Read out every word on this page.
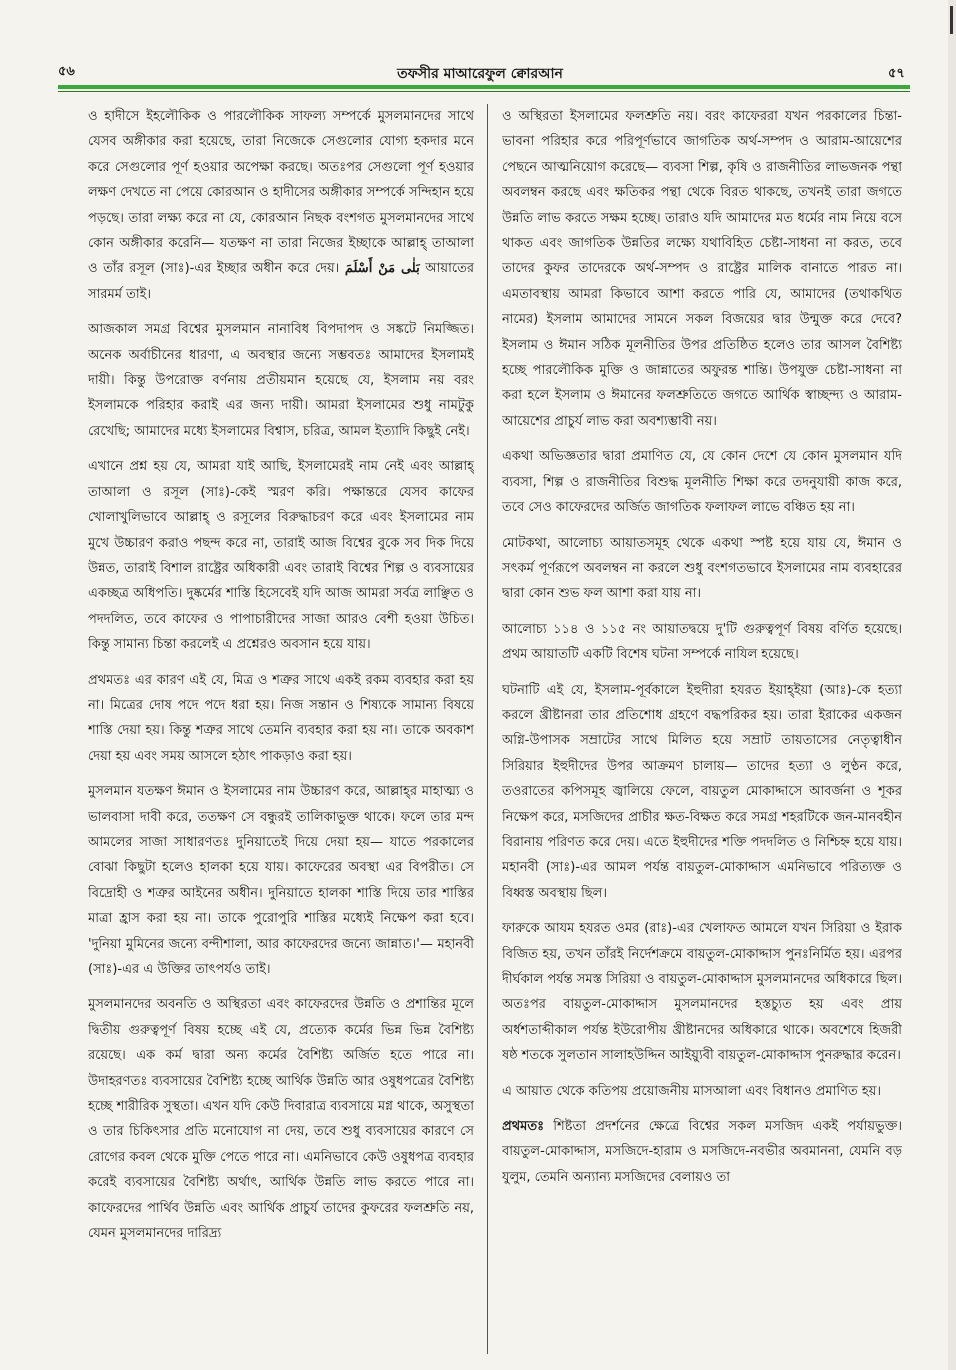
৫৬	তফসীর মাআরেফুল ক্বোরআন	৫৭

ও হাদীসে ইহলৌকিক ও পারলৌকিক সাফল্য সম্পর্কে মুসলমানদের সাথে যেসব অঙ্গীকার করা হয়েছে, তারা নিজেকে সেগুলোর যোগ্য হকদার মনে করে সেগুলোর পূর্ণ হওয়ার অপেক্ষা করছে। অতঃপর সেগুলো পূর্ণ হওয়ার লক্ষণ দেখতে না পেয়ে কোরআন ও হাদীসের অঙ্গীকার সম্পর্কে সন্দিহান হয়ে পড়ছে। তারা লক্ষ্য করে না যে, কোরআন নিছক বংশগত মুসলমানদের সাথে কোন অঙ্গীকার করেনি— যতক্ষণ না তারা নিজের ইচ্ছাকে আল্লাহ্ তাআলা ও তাঁর রসূল (সাঃ)-এর ইচ্ছার অধীন করে দেয়। بَلٰى مَنْ أَسْلَمَ আয়াতের সারমর্ম তাই।

আজকাল সমগ্র বিশ্বের মুসলমান নানাবিধ বিপদাপদ ও সঙ্কটে নিমজ্জিত। অনেক অর্বাচীনের ধারণা, এ অবস্থার জন্যে সম্ভবতঃ আমাদের ইসলামই দায়ী। কিন্তু উপরোক্ত বর্ণনায় প্রতীয়মান হয়েছে যে, ইসলাম নয় বরং ইসলামকে পরিহার করাই এর জন্য দায়ী। আমরা ইসলামের শুধু নামটুকু রেখেছি; আমাদের মধ্যে ইসলামের বিশ্বাস, চরিত্র, আমল ইত্যাদি কিছুই নেই।

এখানে প্রশ্ন হয় যে, আমরা যাই আছি, ইসলামেরই নাম নেই এবং আল্লাহ্ তাআলা ও রসূল (সাঃ)-কেই স্মরণ করি। পক্ষান্তরে যেসব কাফের খোলাখুলিভাবে আল্লাহ্ ও রসূলের বিরুদ্ধাচরণ করে এবং ইসলামের নাম মুখে উচ্চারণ করাও পছন্দ করে না, তারাই আজ বিশ্বের বুকে সব দিক দিয়ে উন্নত, তারাই বিশাল রাষ্ট্রের অধিকারী এবং তারাই বিশ্বের শিল্প ও ব্যবসায়ের একচ্ছত্র অধিপতি। দুষ্কর্মের শাস্তি হিসেবেই যদি আজ আমরা সর্বত্র লাঞ্ছিত ও পদদলিত, তবে কাফের ও পাপাচারীদের সাজা আরও বেশী হওয়া উচিত। কিন্তু সামান্য চিন্তা করলেই এ প্রশ্নেরও অবসান হয়ে যায়।

প্রথমতঃ এর কারণ এই যে, মিত্র ও শত্রুর সাথে একই রকম ব্যবহার করা হয় না। মিত্রের দোষ পদে পদে ধরা হয়। নিজ সন্তান ও শিষ্যকে সামান্য বিষয়ে শাস্তি দেয়া হয়। কিন্তু শত্রুর সাথে তেমনি ব্যবহার করা হয় না। তাকে অবকাশ দেয়া হয় এবং সময় আসলে হঠাৎ পাকড়াও করা হয়।

মুসলমান যতক্ষণ ঈমান ও ইসলামের নাম উচ্চারণ করে, আল্লাহ্‌র মাহাত্ম্য ও ভালবাসা দাবী করে, ততক্ষণ সে বন্ধুরই তালিকাভুক্ত থাকে। ফলে তার মন্দ আমলের সাজা সাধারণতঃ দুনিয়াতেই দিয়ে দেয়া হয়— যাতে পরকালের বোঝা কিছুটা হলেও হালকা হয়ে যায়। কাফেরের অবস্থা এর বিপরীত। সে বিদ্রোহী ও শত্রুর আইনের অধীন। দুনিয়াতে হালকা শাস্তি দিয়ে তার শাস্তির মাত্রা হ্রাস করা হয় না। তাকে পুরোপুরি শাস্তির মধ্যেই নিক্ষেপ করা হবে। 'দুনিয়া মুমিনের জন্যে বন্দীশালা, আর কাফেরদের জন্যে জান্নাত।'— মহানবী (সাঃ)-এর এ উক্তির তাৎপর্যও তাই।

মুসলমানদের অবনতি ও অস্থিরতা এবং কাফেরদের উন্নতি ও প্রশান্তির মূলে দ্বিতীয় গুরুত্বপূর্ণ বিষয় হচ্ছে এই যে, প্রত্যেক কর্মের ভিন্ন ভিন্ন বৈশিষ্ট্য রয়েছে। এক কর্ম দ্বারা অন্য কর্মের বৈশিষ্ট্য অর্জিত হতে পারে না। উদাহরণতঃ ব্যবসায়ের বৈশিষ্ট্য হচ্ছে আর্থিক উন্নতি আর ওষুধপত্রের বৈশিষ্ট্য হচ্ছে শারীরিক সুস্থতা। এখন যদি কেউ দিবারাত্র ব্যবসায়ে মগ্ন থাকে, অসুস্থতা ও তার চিকিৎসার প্রতি মনোযোগ না দেয়, তবে শুধু ব্যবসায়ের কারণে সে রোগের কবল থেকে মুক্তি পেতে পারে না। এমনিভাবে কেউ ওষুধপত্র ব্যবহার করেই ব্যবসায়ের বৈশিষ্ট্য অর্থাৎ, আর্থিক উন্নতি লাভ করতে পারে না। কাফেরদের পার্থিব উন্নতি এবং আর্থিক প্রাচুর্য তাদের কুফরের ফলশ্রুতি নয়, যেমন মুসলমানদের দারিদ্র্য

ও অস্থিরতা ইসলামের ফলশ্রুতি নয়। বরং কাফেররা যখন পরকালের চিন্তা-ভাবনা পরিহার করে পরিপূর্ণভাবে জাগতিক অর্থ-সম্পদ ও আরাম-আয়েশের পেছনে আত্মনিয়োগ করেছে— ব্যবসা শিল্প, কৃষি ও রাজনীতির লাভজনক পন্থা অবলম্বন করছে এবং ক্ষতিকর পন্থা থেকে বিরত থাকছে, তখনই তারা জগতে উন্নতি লাভ করতে সক্ষম হচ্ছে। তারাও যদি আমাদের মত ধর্মের নাম নিয়ে বসে থাকত এবং জাগতিক উন্নতির লক্ষ্যে যথাবিহিত চেষ্টা-সাধনা না করত, তবে তাদের কুফর তাদেরকে অর্থ-সম্পদ ও রাষ্ট্রের মালিক বানাতে পারত না। এমতাবস্থায় আমরা কিভাবে আশা করতে পারি যে, আমাদের (তথাকথিত নামের) ইসলাম আমাদের সামনে সকল বিজয়ের দ্বার উন্মুক্ত করে দেবে? ইসলাম ও ঈমান সঠিক মূলনীতির উপর প্রতিষ্ঠিত হলেও তার আসল বৈশিষ্ট্য হচ্ছে পারলৌকিক মুক্তি ও জান্নাতের অফুরন্ত শান্তি। উপযুক্ত চেষ্টা-সাধনা না করা হলে ইসলাম ও ঈমানের ফলশ্রুতিতে জগতে আর্থিক স্বাচ্ছন্দ্য ও আরাম-আয়েশের প্রাচুর্য লাভ করা অবশ্যম্ভাবী নয়।

একথা অভিজ্ঞতার দ্বারা প্রমাণিত যে, যে কোন দেশে যে কোন মুসলমান যদি ব্যবসা, শিল্প ও রাজনীতির বিশুদ্ধ মূলনীতি শিক্ষা করে তদনুযায়ী কাজ করে, তবে সেও কাফেরদের অর্জিত জাগতিক ফলাফল লাভে বঞ্চিত হয় না।

মোটকথা, আলোচ্য আয়াতসমূহ থেকে একথা স্পষ্ট হয়ে যায় যে, ঈমান ও সৎকর্ম পূর্ণরূপে অবলম্বন না করলে শুধু বংশগতভাবে ইসলামের নাম ব্যবহারের দ্বারা কোন শুভ ফল আশা করা যায় না।

আলোচ্য ১১৪ ও ১১৫ নং আয়াতদ্বয়ে দু'টি গুরুত্বপূর্ণ বিষয় বর্ণিত হয়েছে। প্রথম আয়াতটি একটি বিশেষ ঘটনা সম্পর্কে নাযিল হয়েছে।

ঘটনাটি এই যে, ইসলাম-পূর্বকালে ইহুদীরা হযরত ইয়াহ্ইয়া (আঃ)-কে হত্যা করলে খ্রীষ্টানরা তার প্রতিশোধ গ্রহণে বদ্ধপরিকর হয়। তারা ইরাকের একজন অগ্নি-উপাসক সম্রাটের সাথে মিলিত হয়ে সম্রাট তায়তাসের নেতৃত্বাধীন সিরিয়ার ইহুদীদের উপর আক্রমণ চালায়— তাদের হত্যা ও লুণ্ঠন করে, তওরাতের কপিসমূহ জ্বালিয়ে ফেলে, বায়তুল মোকাদ্দাসে আবর্জনা ও শূকর নিক্ষেপ করে, মসজিদের প্রাচীর ক্ষত-বিক্ষত করে সমগ্র শহরটিকে জন-মানবহীন বিরানায় পরিণত করে দেয়। এতে ইহুদীদের শক্তি পদদলিত ও নিশ্চিহ্ন হয়ে যায়। মহানবী (সাঃ)-এর আমল পর্যন্ত বায়তুল-মোকাদ্দাস এমনিভাবে পরিত্যক্ত ও বিধ্বস্ত অবস্থায় ছিল।

ফারুকে আযম হযরত ওমর (রাঃ)-এর খেলাফত আমলে যখন সিরিয়া ও ইরাক বিজিত হয়, তখন তাঁরই নির্দেশক্রমে বায়তুল-মোকাদ্দাস পুনঃনির্মিত হয়। এরপর দীর্ঘকাল পর্যন্ত সমস্ত সিরিয়া ও বায়তুল-মোকাদ্দাস মুসলমানদের অধিকারে ছিল। অতঃপর বায়তুল-মোকাদ্দাস মুসলমানদের হস্তচ্যুত হয় এবং প্রায় অর্ধশতাব্দীকাল পর্যন্ত ইউরোপীয় খ্রীষ্টানদের অধিকারে থাকে। অবশেষে হিজরী ষষ্ঠ শতকে সুলতান সালাহউদ্দিন আইয়্যুবী বায়তুল-মোকাদ্দাস পুনরুদ্ধার করেন।

এ আয়াত থেকে কতিপয় প্রয়োজনীয় মাসআলা এবং বিধানও প্রমাণিত হয়।

প্রথমতঃ শিষ্টতা প্রদর্শনের ক্ষেত্রে বিশ্বের সকল মসজিদ একই পর্যায়ভুক্ত। বায়তুল-মোকাদ্দাস, মসজিদে-হারাম ও মসজিদে-নবভীর অবমাননা, যেমনি বড় যুলুম, তেমনি অন্যান্য মসজিদের বেলায়ও তা
